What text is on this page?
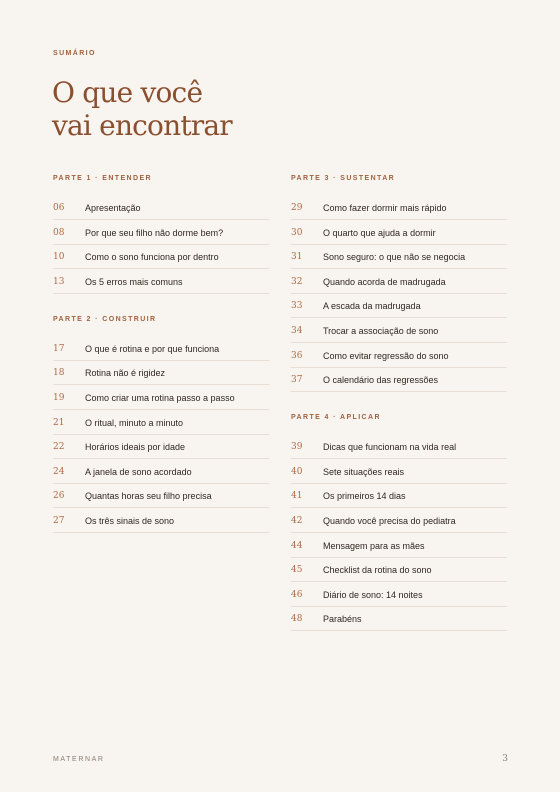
SUMÁRIO
O que você
vai encontrar
PARTE 1 · ENTENDER
06	Apresentação
08	Por que seu filho não dorme bem?
10	Como o sono funciona por dentro
13	Os 5 erros mais comuns
PARTE 2 · CONSTRUIR
17	O que é rotina e por que funciona
18	Rotina não é rigidez
19	Como criar uma rotina passo a passo
21	O ritual, minuto a minuto
22	Horários ideais por idade
24	A janela de sono acordado
26	Quantas horas seu filho precisa
27	Os três sinais de sono
PARTE 3 · SUSTENTAR
29	Como fazer dormir mais rápido
30	O quarto que ajuda a dormir
31	Sono seguro: o que não se negocia
32	Quando acorda de madrugada
33	A escada da madrugada
34	Trocar a associação de sono
36	Como evitar regressão do sono
37	O calendário das regressões
PARTE 4 · APLICAR
39	Dicas que funcionam na vida real
40	Sete situações reais
41	Os primeiros 14 dias
42	Quando você precisa do pediatra
44	Mensagem para as mães
45	Checklist da rotina do sono
46	Diário de sono: 14 noites
48	Parabéns
MATERNAR	3
